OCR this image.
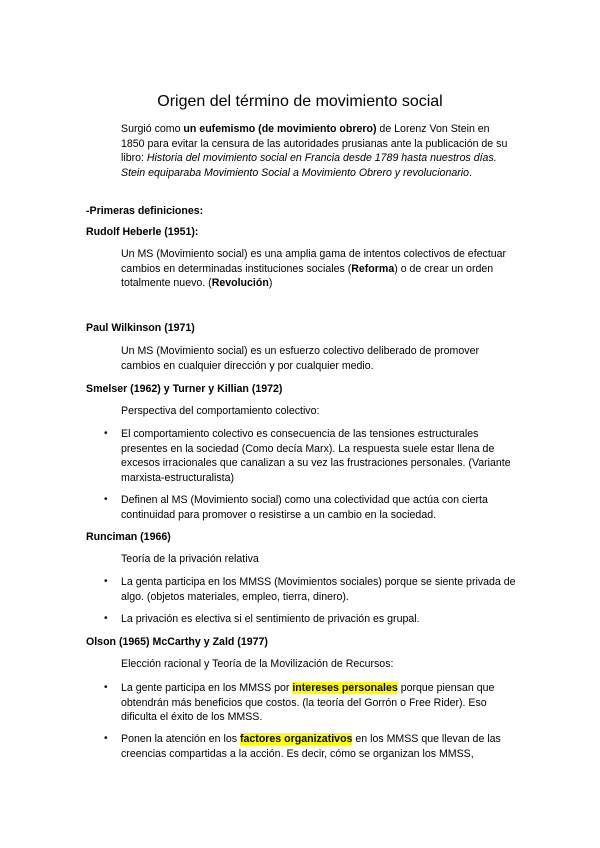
Origen del término de movimiento social

Surgió como un eufemismo (de movimiento obrero) de Lorenz Von Stein en 1850 para evitar la censura de las autoridades prusianas ante la publicación de su libro: Historia del movimiento social en Francia desde 1789 hasta nuestros días. Stein equiparaba Movimiento Social a Movimiento Obrero y revolucionario.

-Primeras definiciones:

Rudolf Heberle (1951):

Un MS (Movimiento social) es una amplia gama de intentos colectivos de efectuar cambios en determinadas instituciones sociales (Reforma) o de crear un orden totalmente nuevo. (Revolución)

Paul Wilkinson (1971)

Un MS (Movimiento social) es un esfuerzo colectivo deliberado de promover cambios en cualquier dirección y por cualquier medio.

Smelser (1962) y Turner y Killian (1972)

Perspectiva del comportamiento colectivo:

• El comportamiento colectivo es consecuencia de las tensiones estructurales presentes en la sociedad (Como decía Marx). La respuesta suele estar llena de excesos irracionales que canalizan a su vez las frustraciones personales. (Variante marxista-estructuralista)

• Definen al MS (Movimiento social) como una colectividad que actúa con cierta continuidad para promover o resistirse a un cambio en la sociedad.

Runciman (1966)

Teoría de la privación relativa

• La genta participa en los MMSS (Movimientos sociales) porque se siente privada de algo. (objetos materiales, empleo, tierra, dinero).

• La privación es electiva si el sentimiento de privación es grupal.

Olson (1965) McCarthy y Zald (1977)

Elección racional y Teoría de la Movilización de Recursos:

• La gente participa en los MMSS por intereses personales porque piensan que obtendrán más beneficios que costos. (la teoría del Gorrón o Free Rider). Eso dificulta el éxito de los MMSS.

• Ponen la atención en los factores organizativos en los MMSS que llevan de las creencias compartidas a la acción. Es decir, cómo se organizan los MMSS,
